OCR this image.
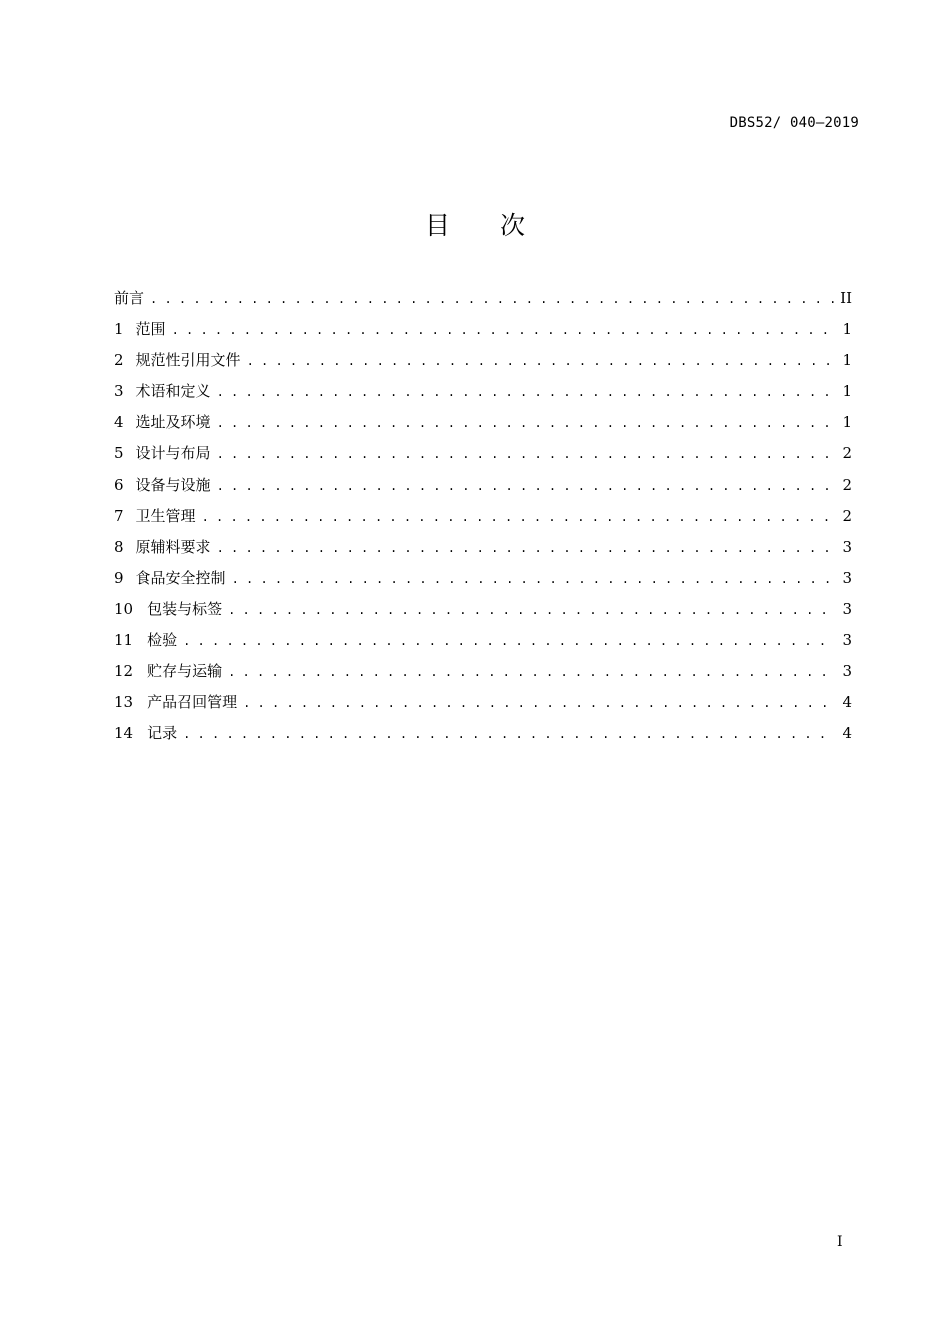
DBS52/ 040—2019
目 次
前言 . . .	II
1 范围 . . .	1
2 规范性引用文件 . . .	1
3 术语和定义 . . .	1
4 选址及环境 . . .	1
5 设计与布局 . . .	2
6 设备与设施 . . .	2
7 卫生管理 . . .	2
8 原辅料要求 . . .	3
9 食品安全控制 . . .	3
10 包装与标签 . . .	3
11 检验 . . .	3
12 贮存与运输 . . .	3
13 产品召回管理 . . .	4
14 记录 . . .	4
I
